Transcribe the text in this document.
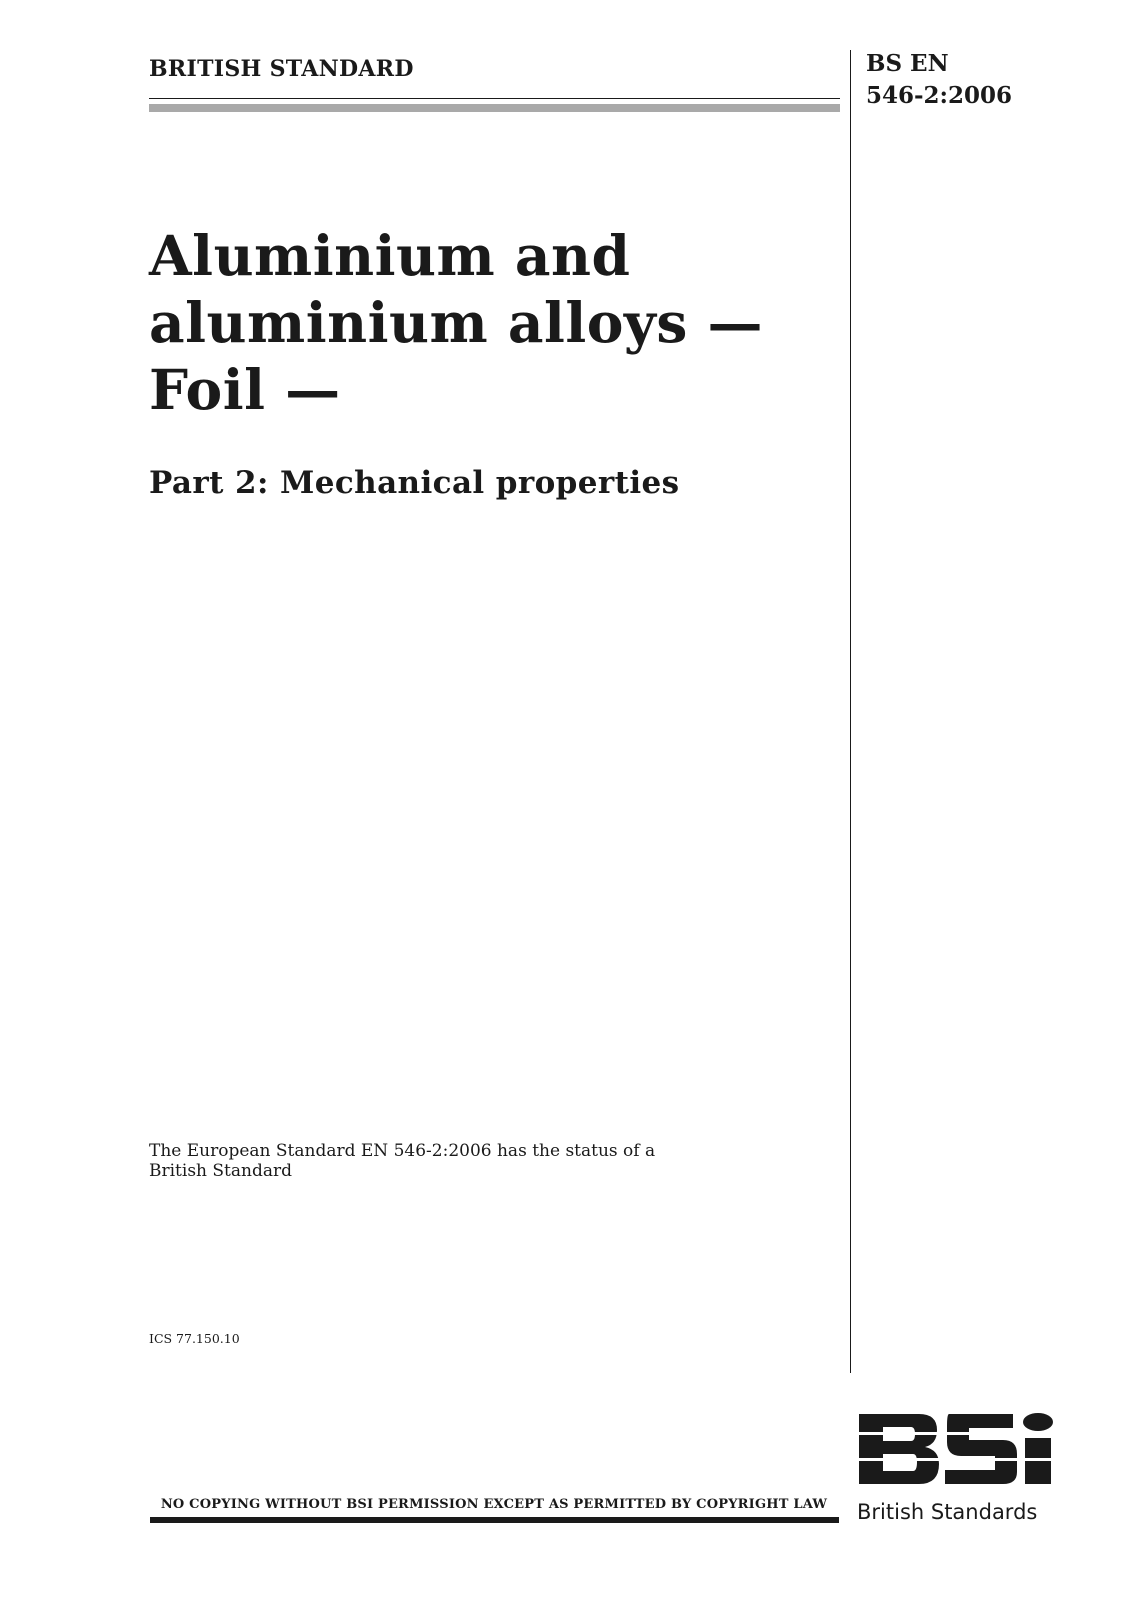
BRITISH STANDARD	BS EN
546-2:2006
Aluminium and
aluminium alloys —
Foil —
Part 2: Mechanical properties
The European Standard EN 546-2:2006 has the status of a British Standard
ICS 77.150.10
NO COPYING WITHOUT BSI PERMISSION EXCEPT AS PERMITTED BY COPYRIGHT LAW	British Standards
